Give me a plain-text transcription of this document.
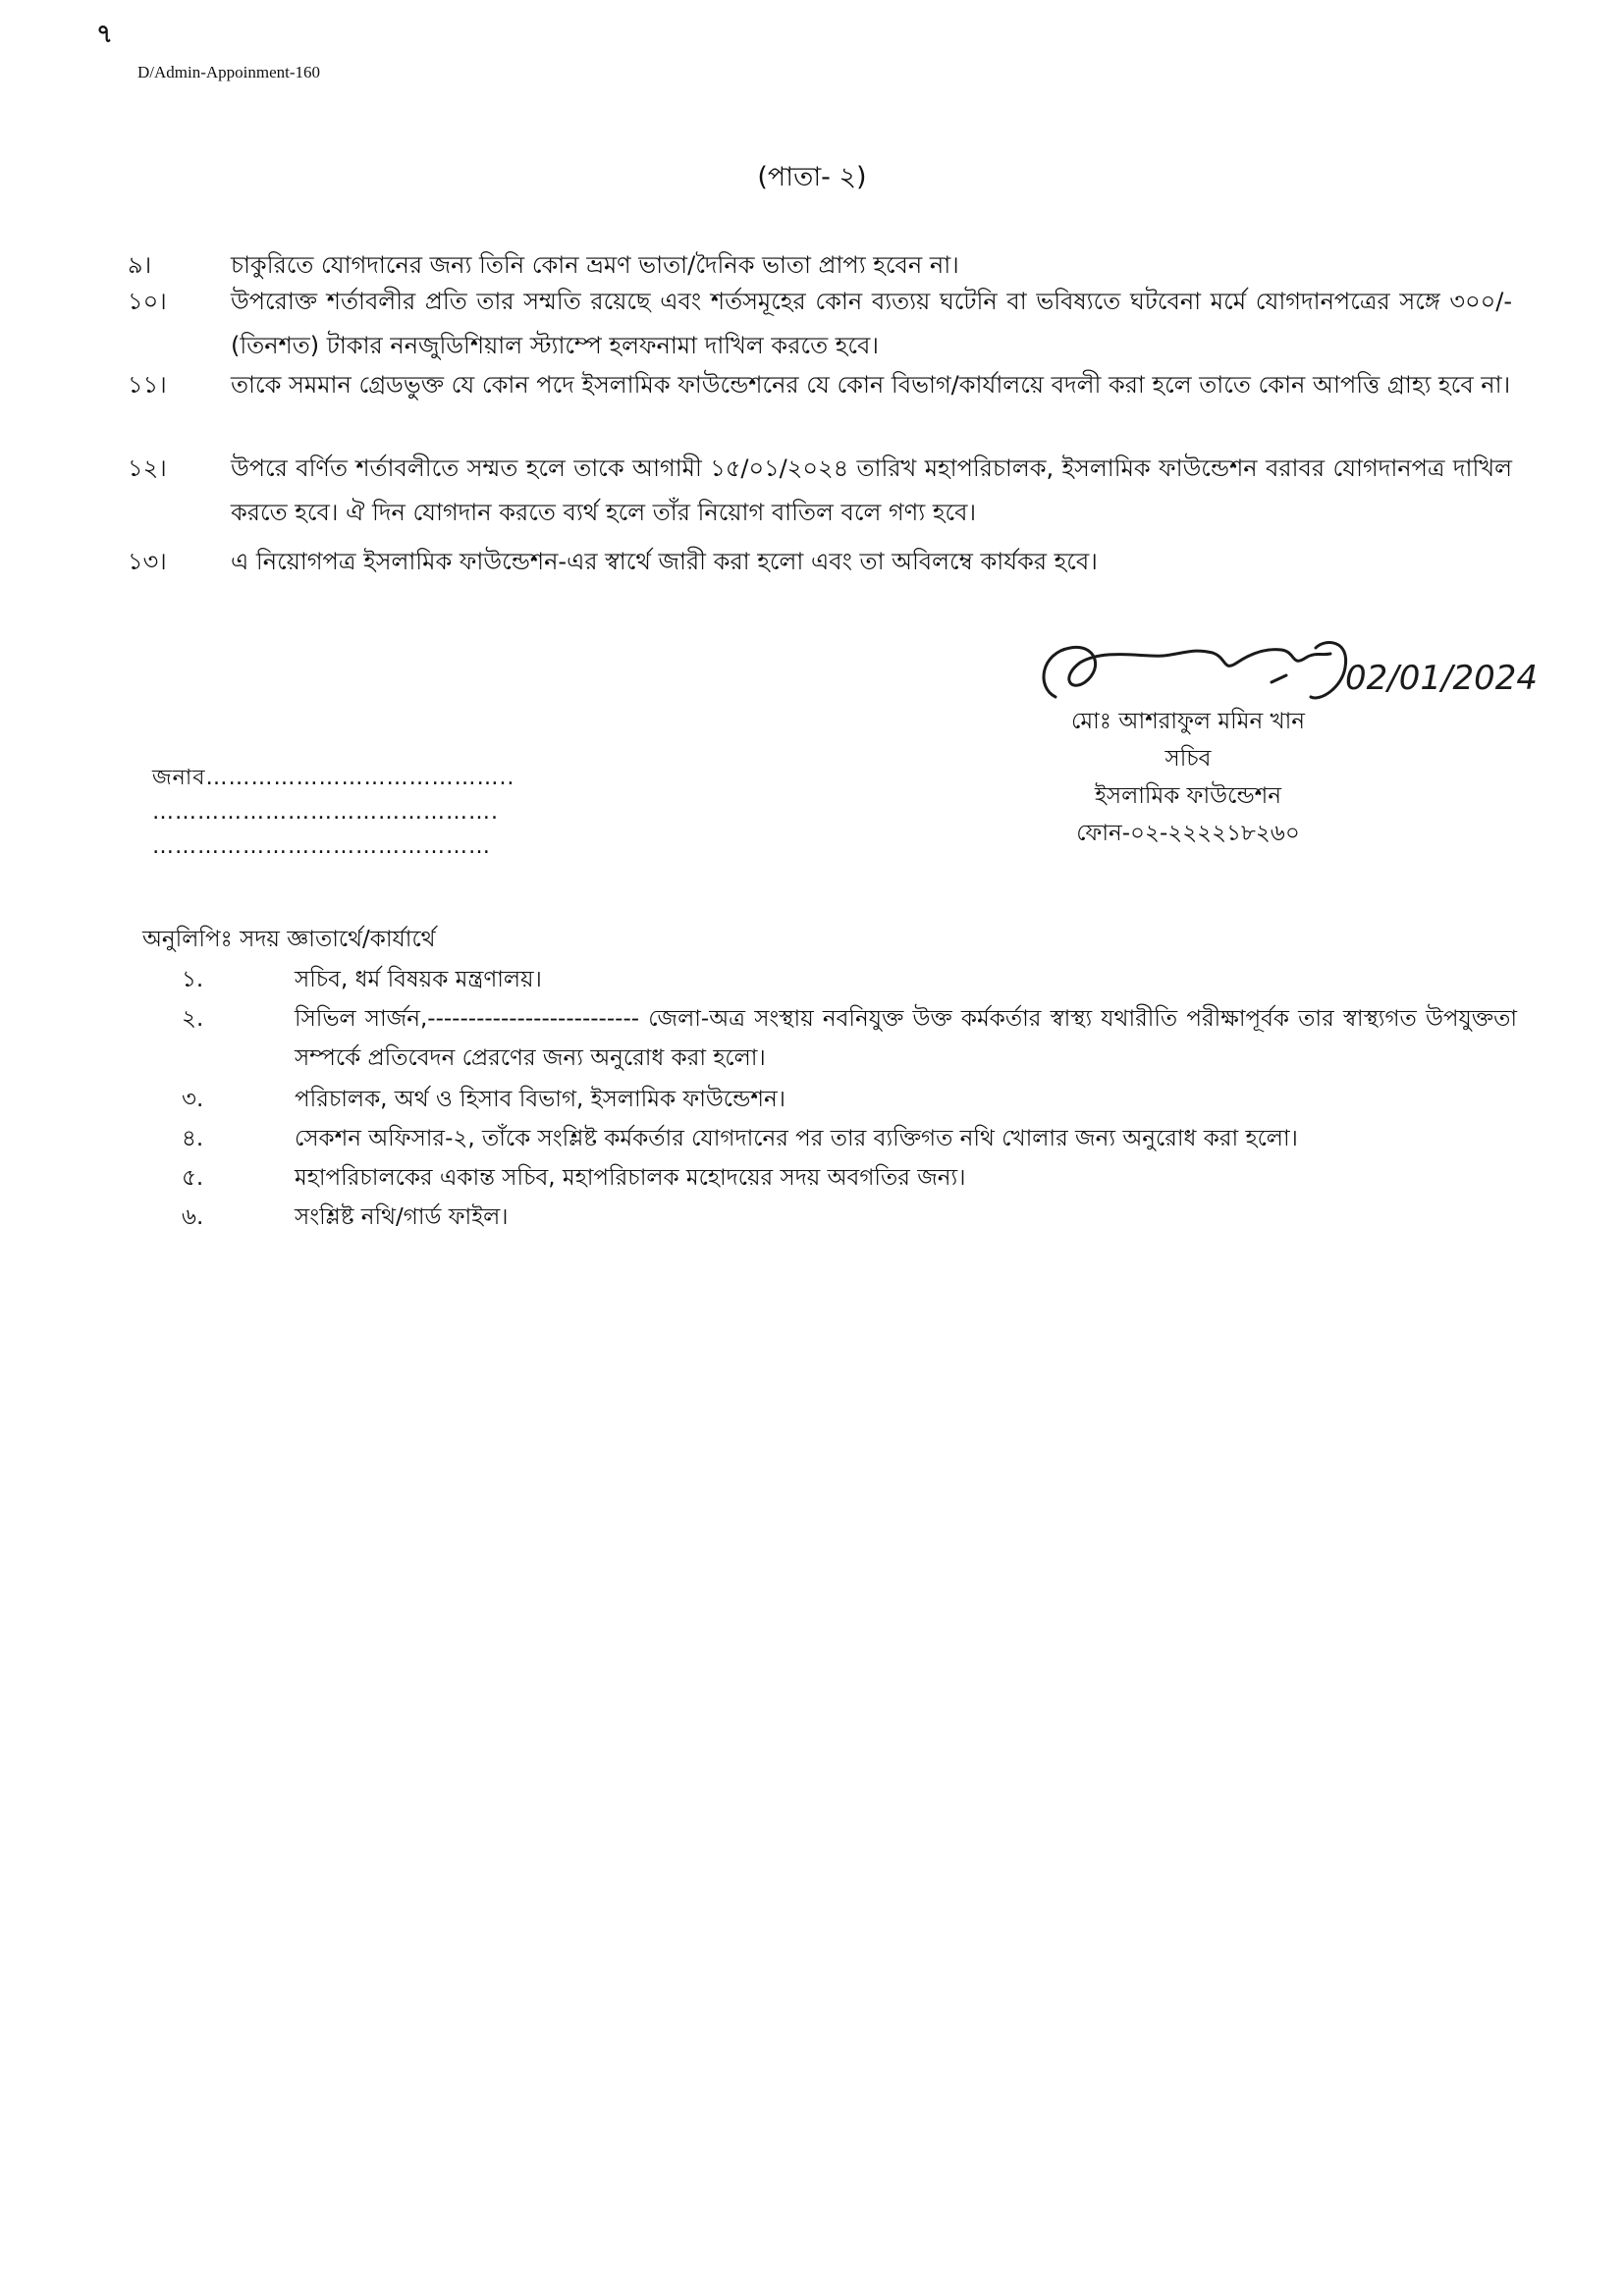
৭
D/Admin-Appoinment-160
(পাতা- ২)
৯।	চাকুরিতে যোগদানের জন্য তিনি কোন ভ্রমণ ভাতা/দৈনিক ভাতা প্রাপ্য হবেন না।
১০।	উপরোক্ত শর্তাবলীর প্রতি তার সম্মতি রয়েছে এবং শর্তসমূহের কোন ব্যত্যয় ঘটেনি বা ভবিষ্যতে ঘটবেনা মর্মে যোগদানপত্রের সঙ্গে ৩০০/-(তিনশত) টাকার ননজুডিশিয়াল স্ট্যাম্পে হলফনামা দাখিল করতে হবে।
১১।	তাকে সমমান গ্রেডভুক্ত যে কোন পদে ইসলামিক ফাউন্ডেশনের যে কোন বিভাগ/কার্যালয়ে বদলী করা হলে তাতে কোন আপত্তি গ্রাহ্য হবে না।
১২।	উপরে বর্ণিত শর্তাবলীতে সম্মত হলে তাকে আগামী ১৫/০১/২০২৪ তারিখ মহাপরিচালক, ইসলামিক ফাউন্ডেশন বরাবর যোগদানপত্র দাখিল করতে হবে। ঐ দিন যোগদান করতে ব্যর্থ হলে তাঁর নিয়োগ বাতিল বলে গণ্য হবে।
১৩।	এ নিয়োগপত্র ইসলামিক ফাউন্ডেশন-এর স্বার্থে জারী করা হলো এবং তা অবিলম্বে কার্যকর হবে।
02/01/2024
মোঃ আশরাফুল মমিন খান
সচিব
ইসলামিক ফাউন্ডেশন
ফোন-০২-২২২২১৮২৬০
জনাব…………………………………..
……………………………………….
………………………………………
অনুলিপিঃ সদয় জ্ঞাতার্থে/কার্যার্থে
১.	সচিব, ধর্ম বিষয়ক মন্ত্রণালয়।
২.	সিভিল সার্জন,-------------------------- জেলা-অত্র সংস্থায় নবনিযুক্ত উক্ত কর্মকর্তার স্বাস্থ্য যথারীতি পরীক্ষাপূর্বক তার স্বাস্থ্যগত উপযুক্ততা সম্পর্কে প্রতিবেদন প্রেরণের জন্য অনুরোধ করা হলো।
৩.	পরিচালক, অর্থ ও হিসাব বিভাগ, ইসলামিক ফাউন্ডেশন।
৪.	সেকশন অফিসার-২, তাঁকে সংশ্লিষ্ট কর্মকর্তার যোগদানের পর তার ব্যক্তিগত নথি খোলার জন্য অনুরোধ করা হলো।
৫.	মহাপরিচালকের একান্ত সচিব, মহাপরিচালক মহোদয়ের সদয় অবগতির জন্য।
৬.	সংশ্লিষ্ট নথি/গার্ড ফাইল।
